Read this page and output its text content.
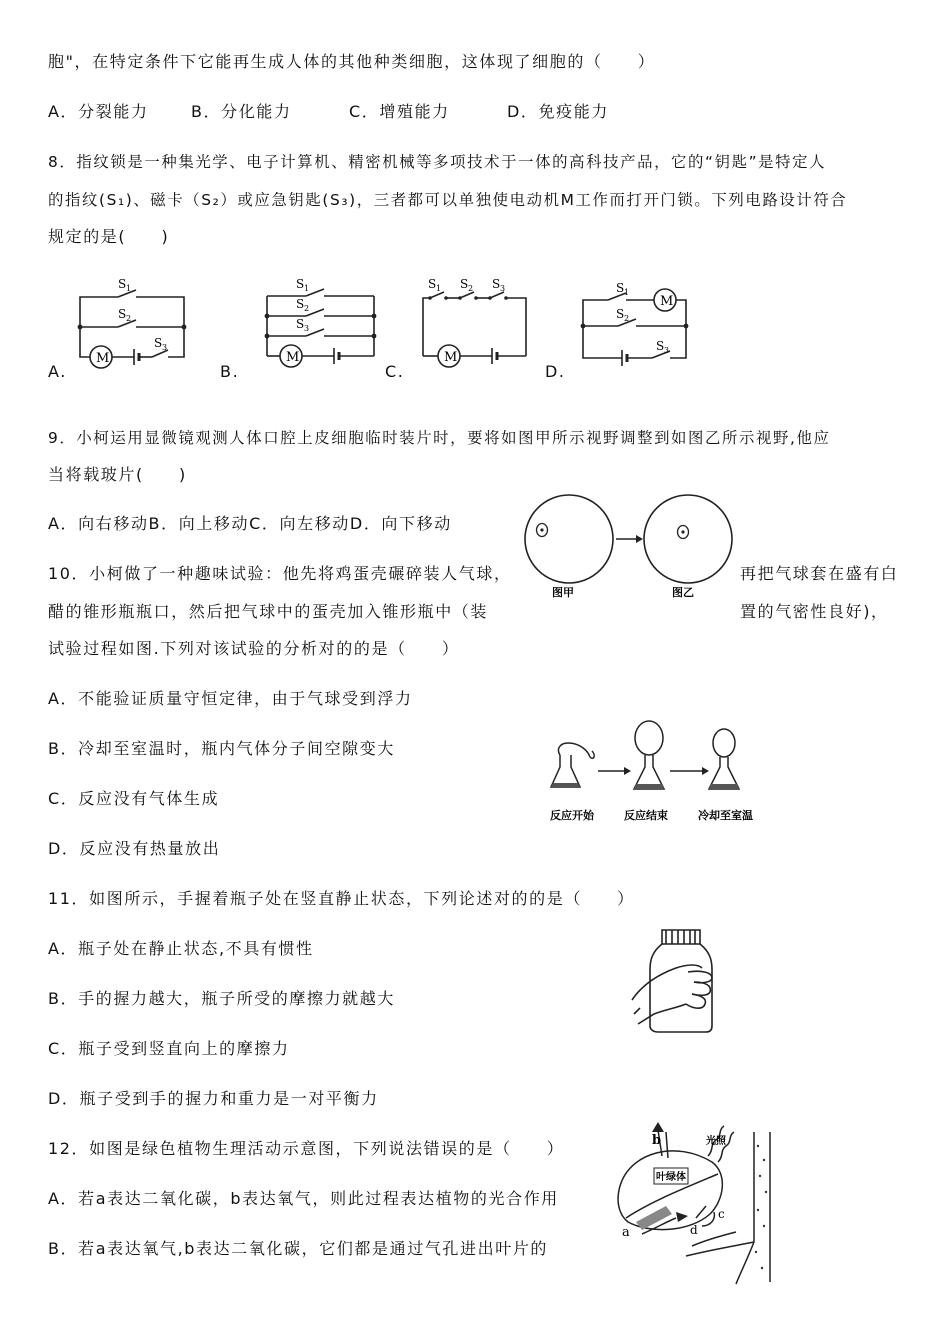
胞"，在特定条件下它能再生成人体的其他种类细胞，这体现了细胞的（　　）
A．分裂能力	B．分化能力	C．增殖能力	D．免疫能力
8．指纹锁是一种集光学、电子计算机、精密机械等多项技术于一体的高科技产品，它的“钥匙”是特定人
的指纹(S₁)、磁卡（S₂）或应急钥匙(S₃)，三者都可以单独使电动机M工作而打开门锁。下列电路设计符合
规定的是(　　)
A.	B.	C.	D.
9．小柯运用显微镜观测人体口腔上皮细胞临时装片时，要将如图甲所示视野调整到如图乙所示视野,他应
当将载玻片(　　)
A．向右移动B．向上移动C．向左移动D．向下移动
10．小柯做了一种趣味试验：他先将鸡蛋壳碾碎装人气球，	再把气球套在盛有白
醋的锥形瓶瓶口，然后把气球中的蛋壳加入锥形瓶中（装	置的气密性良好)，
试验过程如图.下列对该试验的分析对的的是（　　）
A．不能验证质量守恒定律，由于气球受到浮力
B．冷却至室温时，瓶内气体分子间空隙变大
C．反应没有气体生成
D．反应没有热量放出
11．如图所示，手握着瓶子处在竖直静止状态，下列论述对的的是（　　）
A．瓶子处在静止状态,不具有惯性
B．手的握力越大，瓶子所受的摩擦力就越大
C．瓶子受到竖直向上的摩擦力
D．瓶子受到手的握力和重力是一对平衡力
12．如图是绿色植物生理活动示意图，下列说法错误的是（　　）
A．若a表达二氧化碳，b表达氧气，则此过程表达植物的光合作用
B．若a表达氧气,b表达二氧化碳，它们都是通过气孔进出叶片的
M
S 1
S 2
S 3
M
S 1
S 2
S 3
M
S 1 S 2 S 3
M
S 1
S 2
S 3
图甲	图乙
反应开始	反应结束	冷却至室温
叶绿体
光照
b
a
c
d
